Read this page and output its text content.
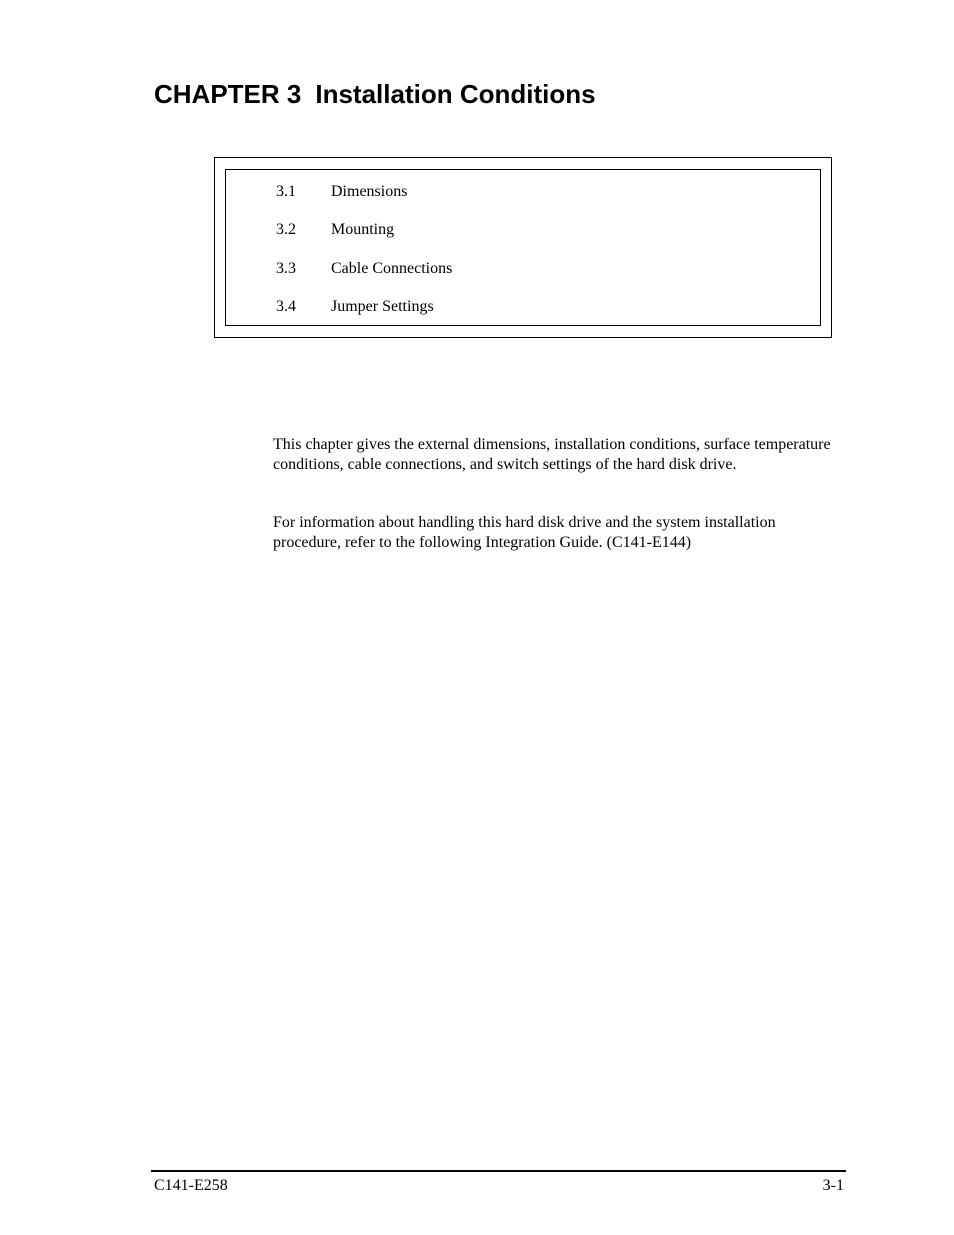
CHAPTER 3 Installation Conditions
3.1 Dimensions
3.2 Mounting
3.3 Cable Connections
3.4 Jumper Settings

This chapter gives the external dimensions, installation conditions, surface temperature conditions, cable connections, and switch settings of the hard disk drive.

For information about handling this hard disk drive and the system installation procedure, refer to the following Integration Guide. (C141-E144)

C141-E258	3-1
